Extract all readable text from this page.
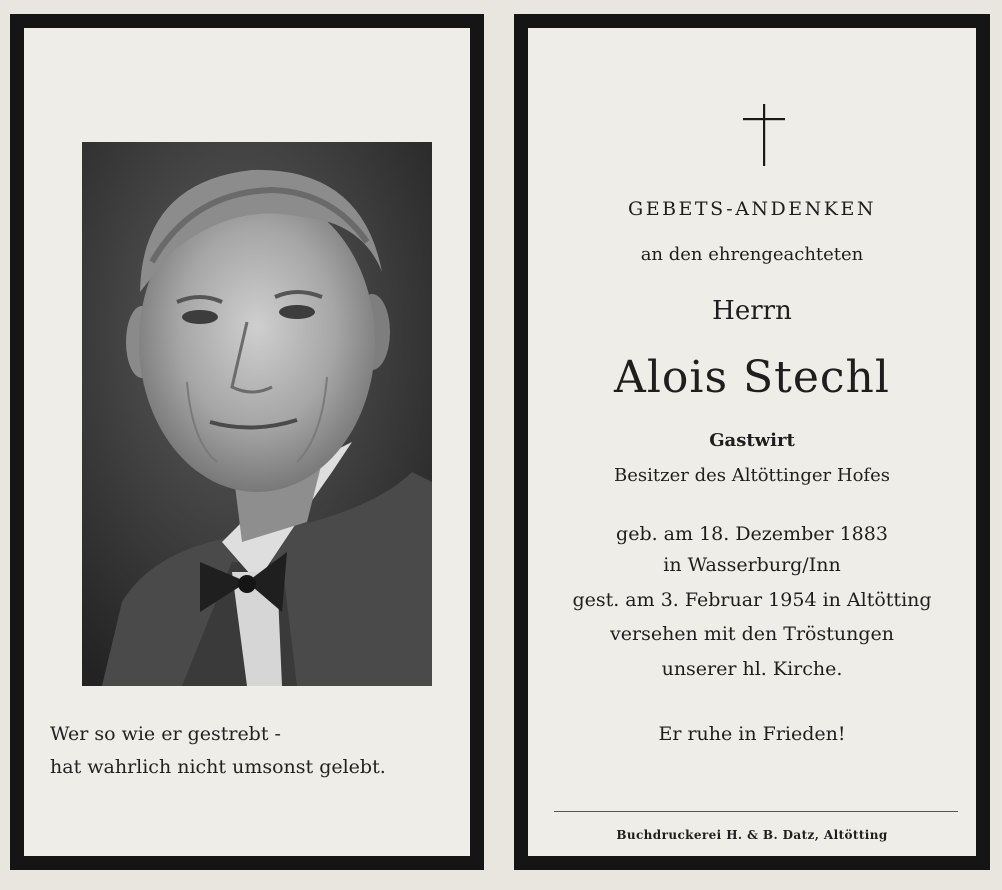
Wer so wie er gestrebt -
hat wahrlich nicht umsonst gelebt.
GEBETS-ANDENKEN
an den ehrengeachteten
Herrn
Alois Stechl
Gastwirt
Besitzer des Altöttinger Hofes
geb. am 18. Dezember 1883
in Wasserburg/Inn
gest. am 3. Februar 1954 in Altötting
versehen mit den Tröstungen
unserer hl. Kirche.
Er ruhe in Frieden!
Buchdruckerei H. & B. Datz, Altötting
